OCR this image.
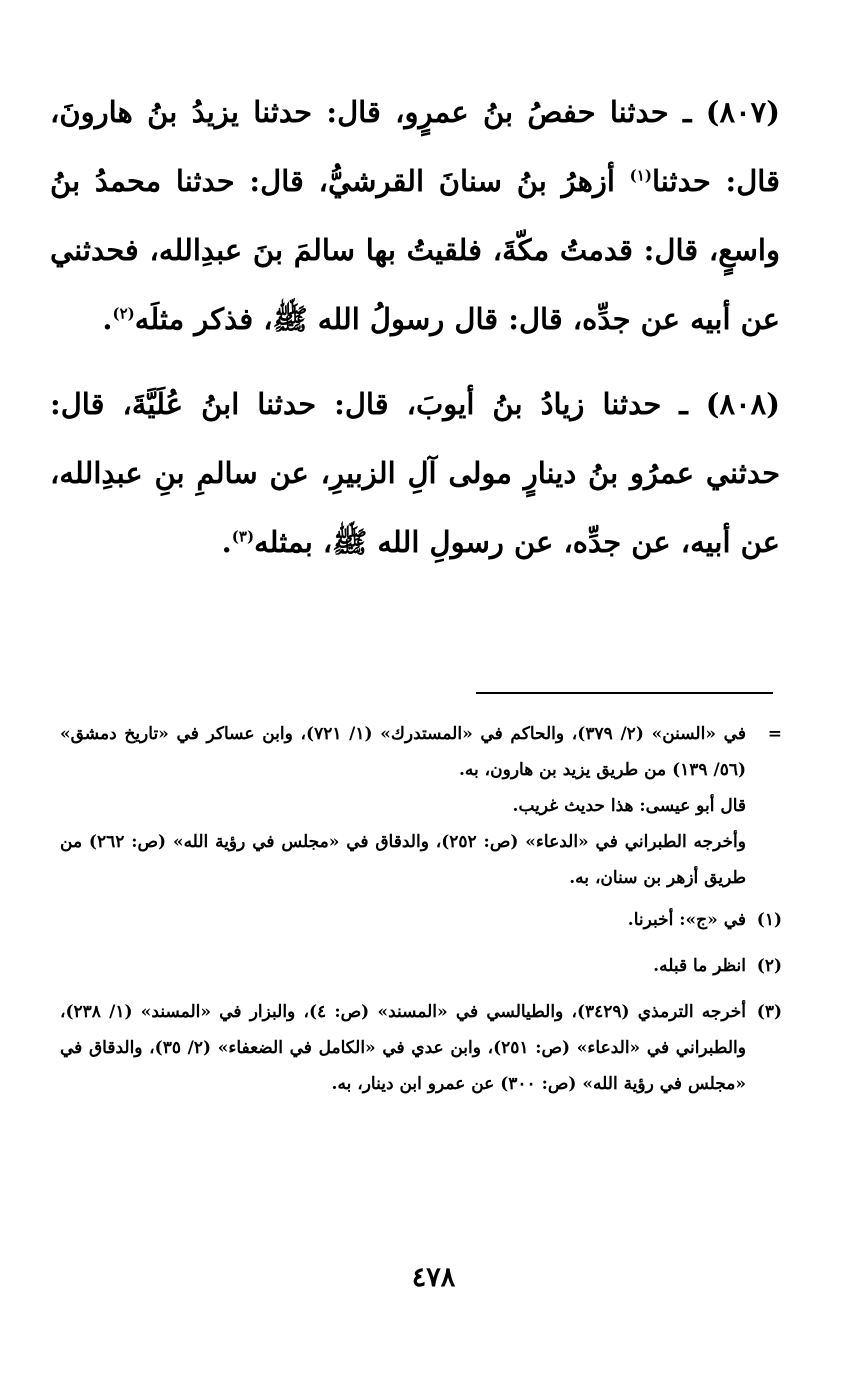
(٨٠٧) ـ حدثنا حفصُ بنُ عمرٍو، قال: حدثنا يزيدُ بنُ هارونَ، قال: حدثنا$^{(١)}$ أزهرُ بنُ سنانَ القرشيُّ، قال: حدثنا محمدُ بنُ واسعٍ، قال: قدمتُ مكّةَ، فلقيتُ بها سالمَ بنَ عبدِالله، فحدثني عن أبيه عن جدِّه، قال: قال رسولُ الله ﷺ، فذكر مثلَه$^{(٢)}$.

(٨٠٨) ـ حدثنا زيادُ بنُ أيوبَ، قال: حدثنا ابنُ عُلَيَّةَ، قال: حدثني عمرُو بنُ دينارٍ مولى آلِ الزبيرِ، عن سالمِ بنِ عبدِالله، عن أبيه، عن جدِّه، عن رسولِ الله ﷺ، بمثله$^{(٣)}$.

=

في «السنن» (٢/ ٣٧٩)، والحاكم في «المستدرك» (١/ ٧٢١)، وابن عساكر في «تاريخ دمشق» (٥٦/ ١٣٩) من طريق يزيد بن هارون، به.

قال أبو عيسى: هذا حديث غريب.

وأخرجه الطبراني في «الدعاء» (ص: ٢٥٢)، والدقاق في «مجلس في رؤية الله» (ص: ٢٦٢) من طريق أزهر بن سنان، به.

(١)
في «ج»: أخبرنا.
(٢)
انظر ما قبله.
(٣)
أخرجه الترمذي (٣٤٢٩)، والطيالسي في «المسند» (ص: ٤)، والبزار في «المسند» (١/ ٢٣٨)، والطبراني في «الدعاء» (ص: ٢٥١)، وابن عدي في «الكامل في الضعفاء» (٢/ ٣٥)، والدقاق في «مجلس في رؤية الله» (ص: ٣٠٠) عن عمرو ابن دينار، به.
٤٧٨
